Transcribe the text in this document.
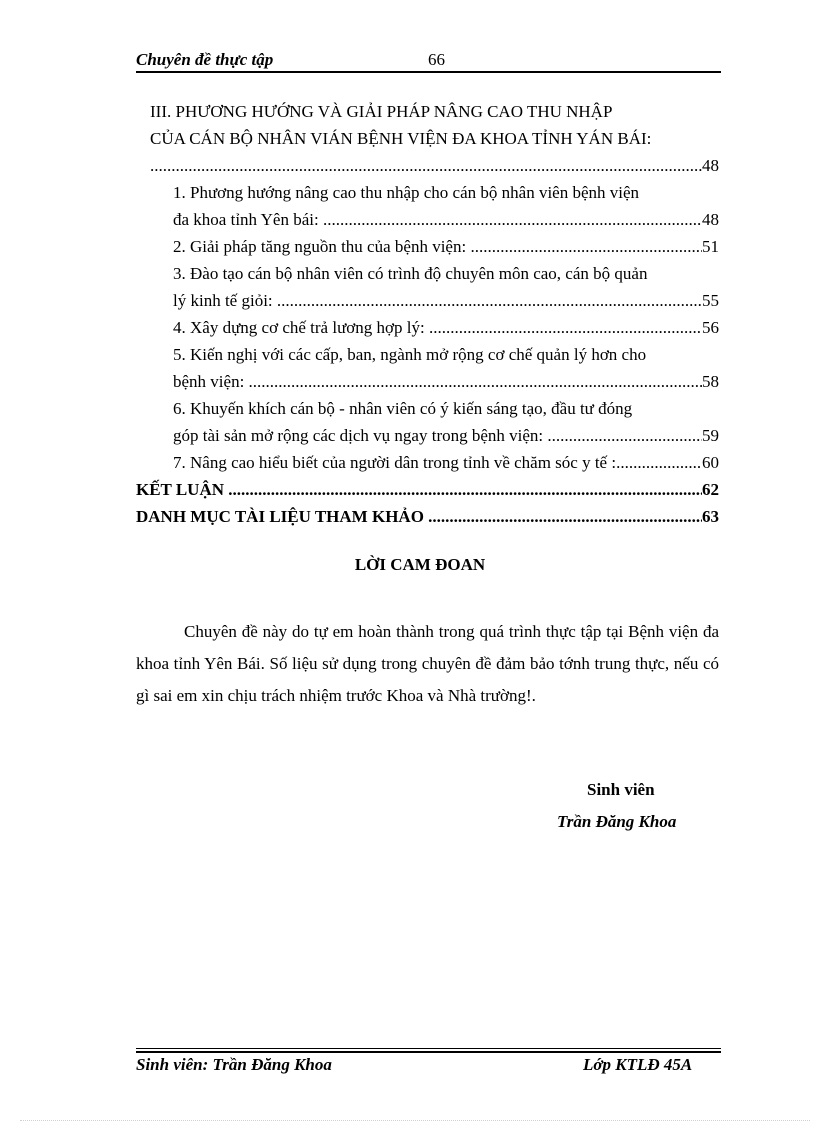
Chuyên đề thực tập	66
III. PHƯƠNG HƯỚNG VÀ GIẢI PHÁP NÂNG CAO THU NHẬP
CỦA CÁN BỘ NHÂN VIÁN BỆNH VIỆN ĐA KHOA TỈNH YÁN BÁI:
.....
48
1. Phương hướng nâng cao thu nhập cho cán bộ nhân viên bệnh viện
đa khoa tỉnh Yên bái: .....	48
2. Giải pháp tăng nguồn thu của bệnh viện: .....	51
3. Đào tạo cán bộ nhân viên có trình độ chuyên môn cao, cán bộ quản
lý kinh tế giỏi: .....	55
4. Xây dựng cơ chế trả lương hợp lý: .....	56
5. Kiến nghị với các cấp, ban, ngành mở rộng cơ chế quản lý hơn cho
bệnh viện: .....	58
6. Khuyến khích cán bộ - nhân viên có ý kiến sáng tạo, đầu tư đóng
góp tài sản mở rộng các dịch vụ ngay trong bệnh viện: .....	59
7. Nâng cao hiểu biết của người dân trong tỉnh về chăm sóc y tế : .....	60
KẾT LUẬN .....	62
DANH MỤC TÀI LIỆU THAM KHẢO .....	63
LỜI CAM ĐOAN
Chuyên đề này do tự em hoàn thành trong quá trình thực tập tại Bệnh viện đa khoa tỉnh Yên Bái. Số liệu sử dụng trong chuyên đề đảm bảo tớnh trung thực, nếu có gì sai em xin chịu trách nhiệm trước Khoa và Nhà trường!.
Sinh viên
Trần Đăng Khoa
Sinh viên: Trần Đăng Khoa	Lớp KTLĐ 45A
